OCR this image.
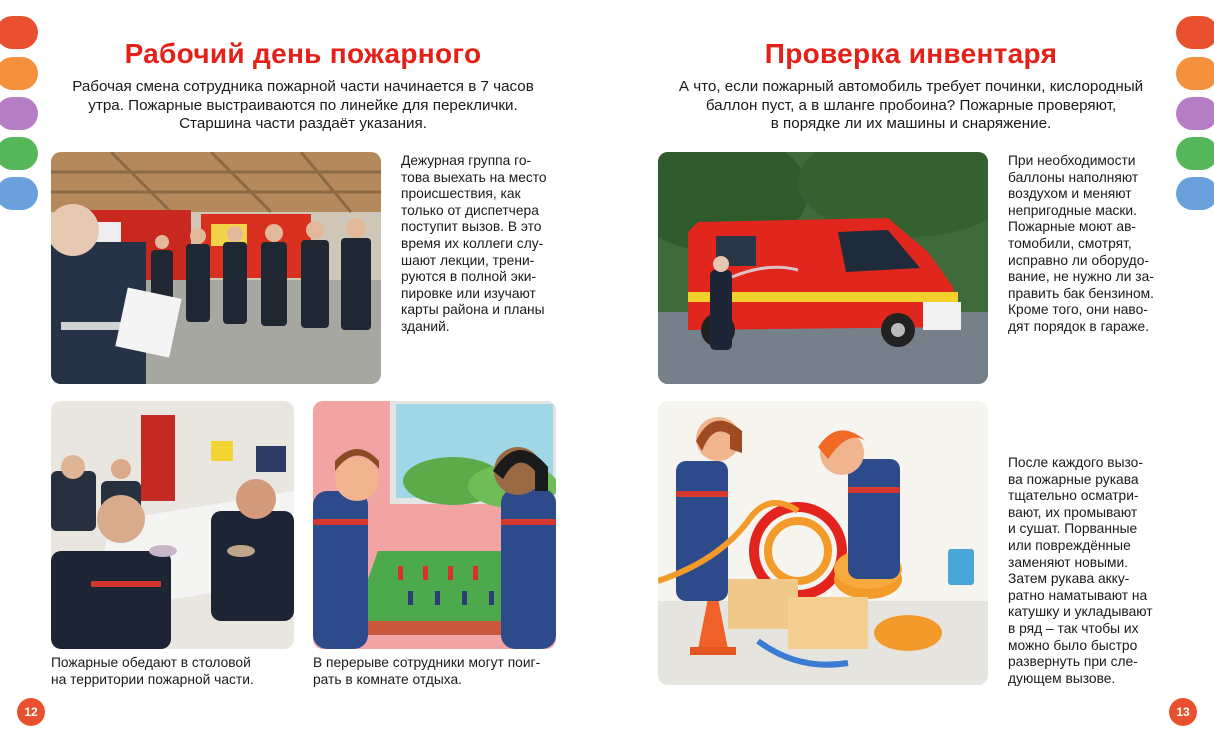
Рабочий день пожарного
Рабочая смена сотрудника пожарной части начинается в 7 часов
утра. Пожарные выстраиваются по линейке для переклички.
Старшина части раздаёт указания.
Дежурная группа го-
това выехать на место
происшествия, как
только от диспетчера
поступит вызов. В это
время их коллеги слу-
шают лекции, трени-
руются в полной эки-
пировке или изучают
карты района и планы
зданий.
Пожарные обедают в столовой
на территории пожарной части.
В перерыве сотрудники могут поиг-
рать в комнате отдыха.
12
Проверка инвентаря
А что, если пожарный автомобиль требует починки, кислородный
баллон пуст, а в шланге пробоина? Пожарные проверяют,
в порядке ли их машины и снаряжение.
При необходимости
баллоны наполняют
воздухом и меняют
непригодные маски.
Пожарные моют ав-
томобили, смотрят,
исправно ли оборудо-
вание, не нужно ли за-
править бак бензином.
Кроме того, они наво-
дят порядок в гараже.
После каждого вызо-
ва пожарные рукава
тщательно осматри-
вают, их промывают
и сушат. Порванные
или повреждённые
заменяют новыми.
Затем рукава акку-
ратно наматывают на
катушку и укладывают
в ряд – так чтобы их
можно было быстро
развернуть при сле-
дующем вызове.
13
